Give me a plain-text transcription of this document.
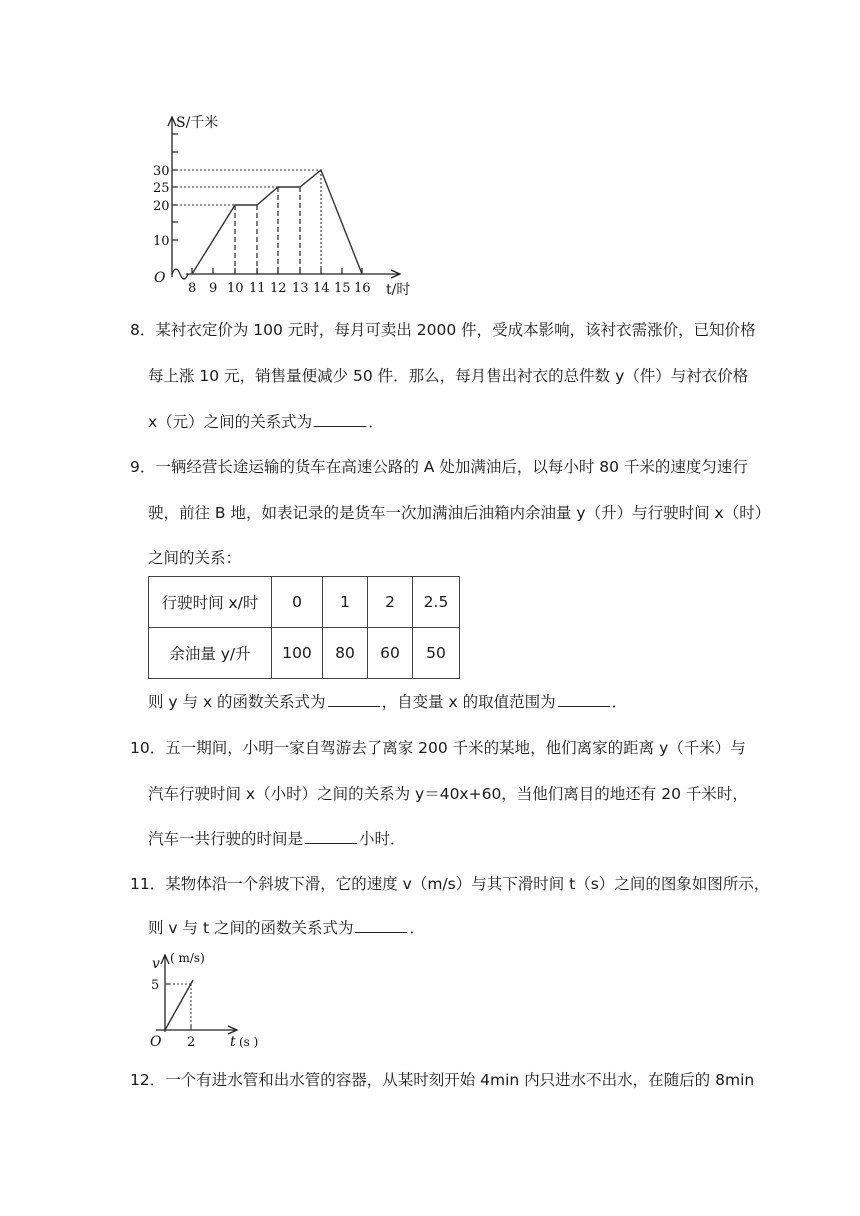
S/千米
O
10
20
25
30
8 9 10 11 12 13 14 15 16 t/时
8．某衬衣定价为 100 元时，每月可卖出 2000 件，受成本影响，该衬衣需涨价，已知价格
每上涨 10 元，销售量便减少 50 件．那么，每月售出衬衣的总件数 y（件）与衬衣价格
x（元）之间的关系式为	．
9．一辆经营长途运输的货车在高速公路的 A 处加满油后，以每小时 80 千米的速度匀速行
驶，前往 B 地，如表记录的是货车一次加满油后油箱内余油量 y（升）与行驶时间 x（时）
之间的关系：
行驶时间 x/时	0	1	2	2.5
余油量 y/升	100	80	60	50
则 y 与 x 的函数关系式为	，自变量 x 的取值范围为	．
10．五一期间，小明一家自驾游去了离家 200 千米的某地，他们离家的距离 y（千米）与
汽车行驶时间 x（小时）之间的关系为 y＝40x+60，当他们离目的地还有 20 千米时，
汽车一共行驶的时间是	小时．
11．某物体沿一个斜坡下滑，它的速度 v（m/s）与其下滑时间 t（s）之间的图象如图所示，
则 v 与 t 之间的函数关系式为	．
v ( m/s)
5
O 2 t (s )
12．一个有进水管和出水管的容器，从某时刻开始 4min 内只进水不出水，在随后的 8min
